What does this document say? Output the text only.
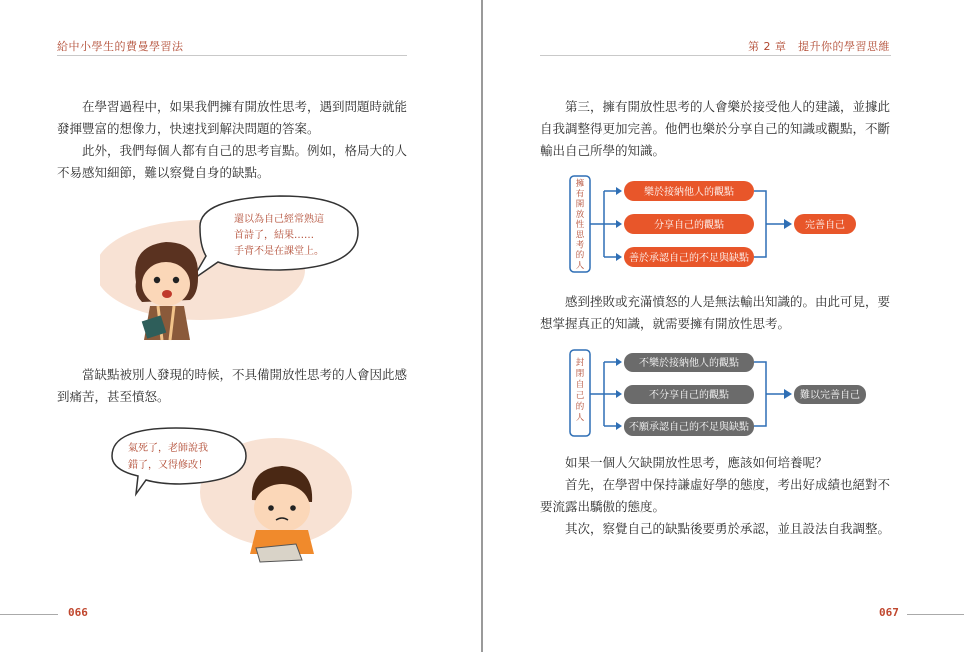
給中小學生的費曼學習法

在學習過程中，如果我們擁有開放性思考，遇到問題時就能發揮豐富的想像力，快速找到解決問題的答案。

此外，我們每個人都有自己的思考盲點。例如，格局大的人不易感知細節，難以察覺自身的缺點。

還以為自己經常熟這
首詩了，結果……
手背不是在課堂上。

當缺點被別人發現的時候，不具備開放性思考的人會因此感到痛苦，甚至憤怒。

氣死了，老師說我
錯了，又得修改！
066
第 2 章　提升你的學習思維

第三，擁有開放性思考的人會樂於接受他人的建議，並據此自我調整得更加完善。他們也樂於分享自己的知識或觀點，不斷輸出自己所學的知識。

擁有開放性思考的人
樂於接納他人的觀點
分享自己的觀點
善於承認自己的不足與缺點
完善自己

感到挫敗或充滿憤怒的人是無法輸出知識的。由此可見，要想掌握真正的知識，就需要擁有開放性思考。

封閉自己的人
不樂於接納他人的觀點
不分享自己的觀點
不願承認自己的不足與缺點
難以完善自己

如果一個人欠缺開放性思考，應該如何培養呢？

首先，在學習中保持謙虛好學的態度，考出好成績也絕對不要流露出驕傲的態度。

其次，察覺自己的缺點後要勇於承認，並且設法自我調整。

067
